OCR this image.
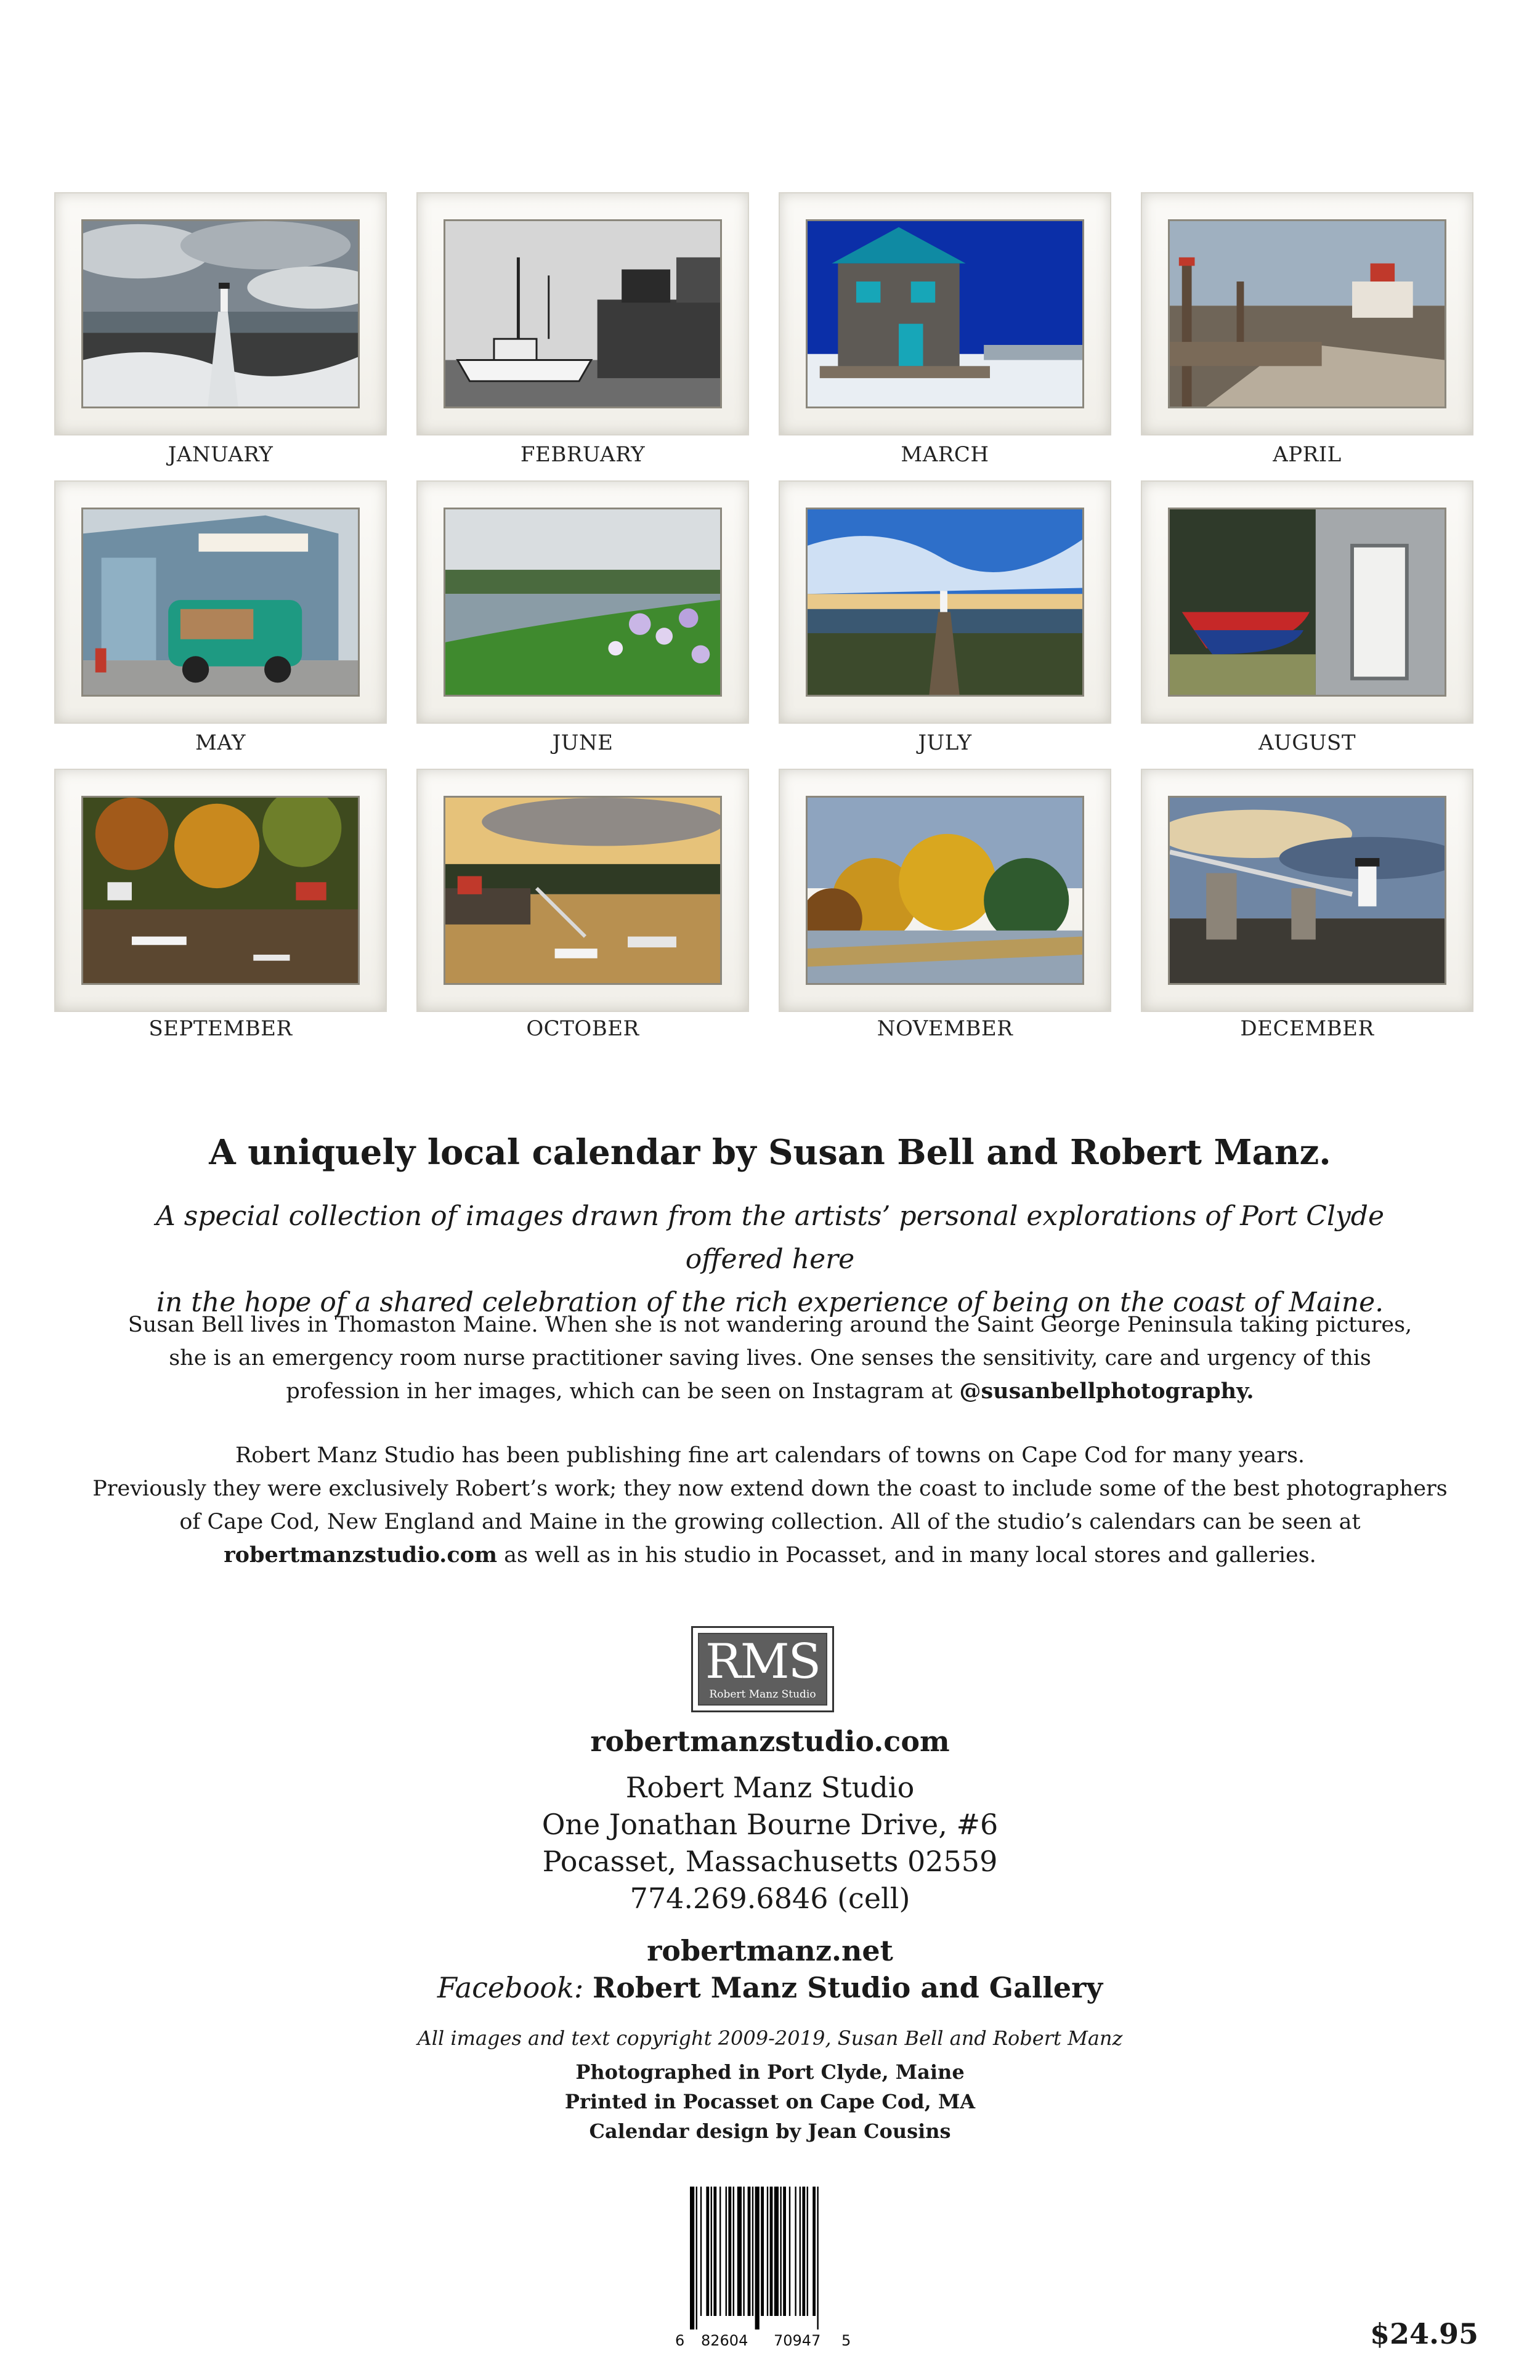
JANUARY	FEBRUARY	MARCH	APRIL
MAY	JUNE	JULY	AUGUST
SEPTEMBER	OCTOBER	NOVEMBER	DECEMBER
A uniquely local calendar by Susan Bell and Robert Manz.
A special collection of images drawn from the artists’ personal explorations of Port Clyde offered here
in the hope of a shared celebration of the rich experience of being on the coast of Maine.
Susan Bell lives in Thomaston Maine. When she is not wandering around the Saint George Peninsula taking pictures,
she is an emergency room nurse practitioner saving lives. One senses the sensitivity, care and urgency of this
profession in her images, which can be seen on Instagram at @susanbellphotography.
Robert Manz Studio has been publishing fine art calendars of towns on Cape Cod for many years.
Previously they were exclusively Robert’s work; they now extend down the coast to include some of the best photographers
of Cape Cod, New England and Maine in the growing collection. All of the studio’s calendars can be seen at
robertmanzstudio.com as well as in his studio in Pocasset, and in many local stores and galleries.
RMS
Robert Manz Studio
robertmanzstudio.com
Robert Manz Studio
One Jonathan Bourne Drive, #6
Pocasset, Massachusetts 02559
774.269.6846 (cell)
robertmanz.net
Facebook: Robert Manz Studio and Gallery
All images and text copyright 2009-2019, Susan Bell and Robert Manz
Photographed in Port Clyde, Maine
Printed in Pocasset on Cape Cod, MA
Calendar design by Jean Cousins
6 82604 70947 5	$24.95
